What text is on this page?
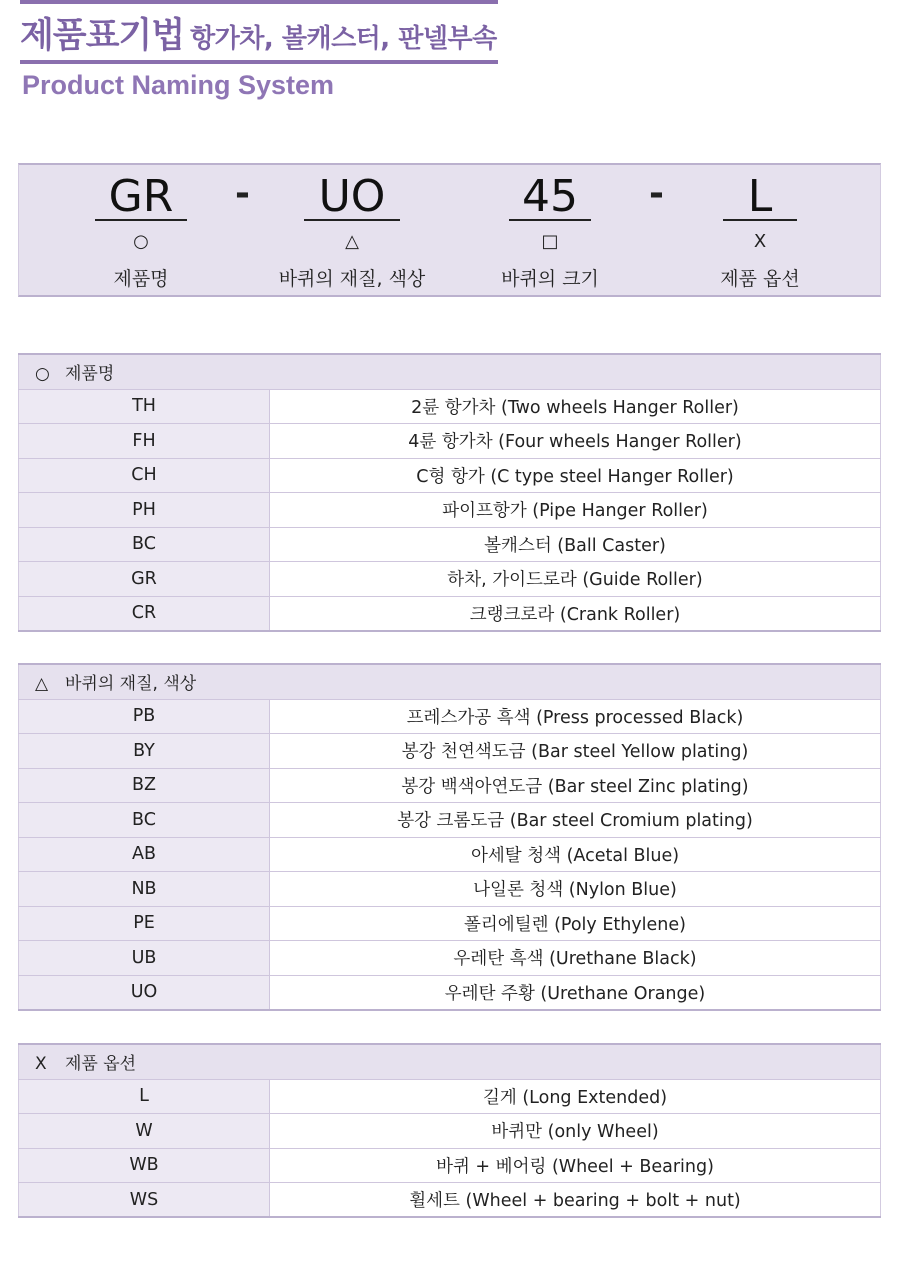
제품표기법 항가차, 볼캐스터, 판넬부속
Product Naming System
GR
○
제품명
-	UO
△
바퀴의 재질, 색상
45
□
바퀴의 크기
-	L
X
제품 옵션
○ 제품명	
TH	2륜 항가차 (Two wheels Hanger Roller)
FH	4륜 항가차 (Four wheels Hanger Roller)
CH	C형 항가 (C type steel Hanger Roller)
PH	파이프항가 (Pipe Hanger Roller)
BC	볼캐스터 (Ball Caster)
GR	하차, 가이드로라 (Guide Roller)
CR	크랭크로라 (Crank Roller)
△ 바퀴의 재질, 색상	
PB	프레스가공 흑색 (Press processed Black)
BY	봉강 천연색도금 (Bar steel Yellow plating)
BZ	봉강 백색아연도금 (Bar steel Zinc plating)
BC	봉강 크롬도금 (Bar steel Cromium plating)
AB	아세탈 청색 (Acetal Blue)
NB	나일론 청색 (Nylon Blue)
PE	폴리에틸렌 (Poly Ethylene)
UB	우레탄 흑색 (Urethane Black)
UO	우레탄 주황 (Urethane Orange)
X 제품 옵션	
L	길게 (Long Extended)
W	바퀴만 (only Wheel)
WB	바퀴 + 베어링 (Wheel + Bearing)
WS	휠세트 (Wheel + bearing + bolt + nut)
